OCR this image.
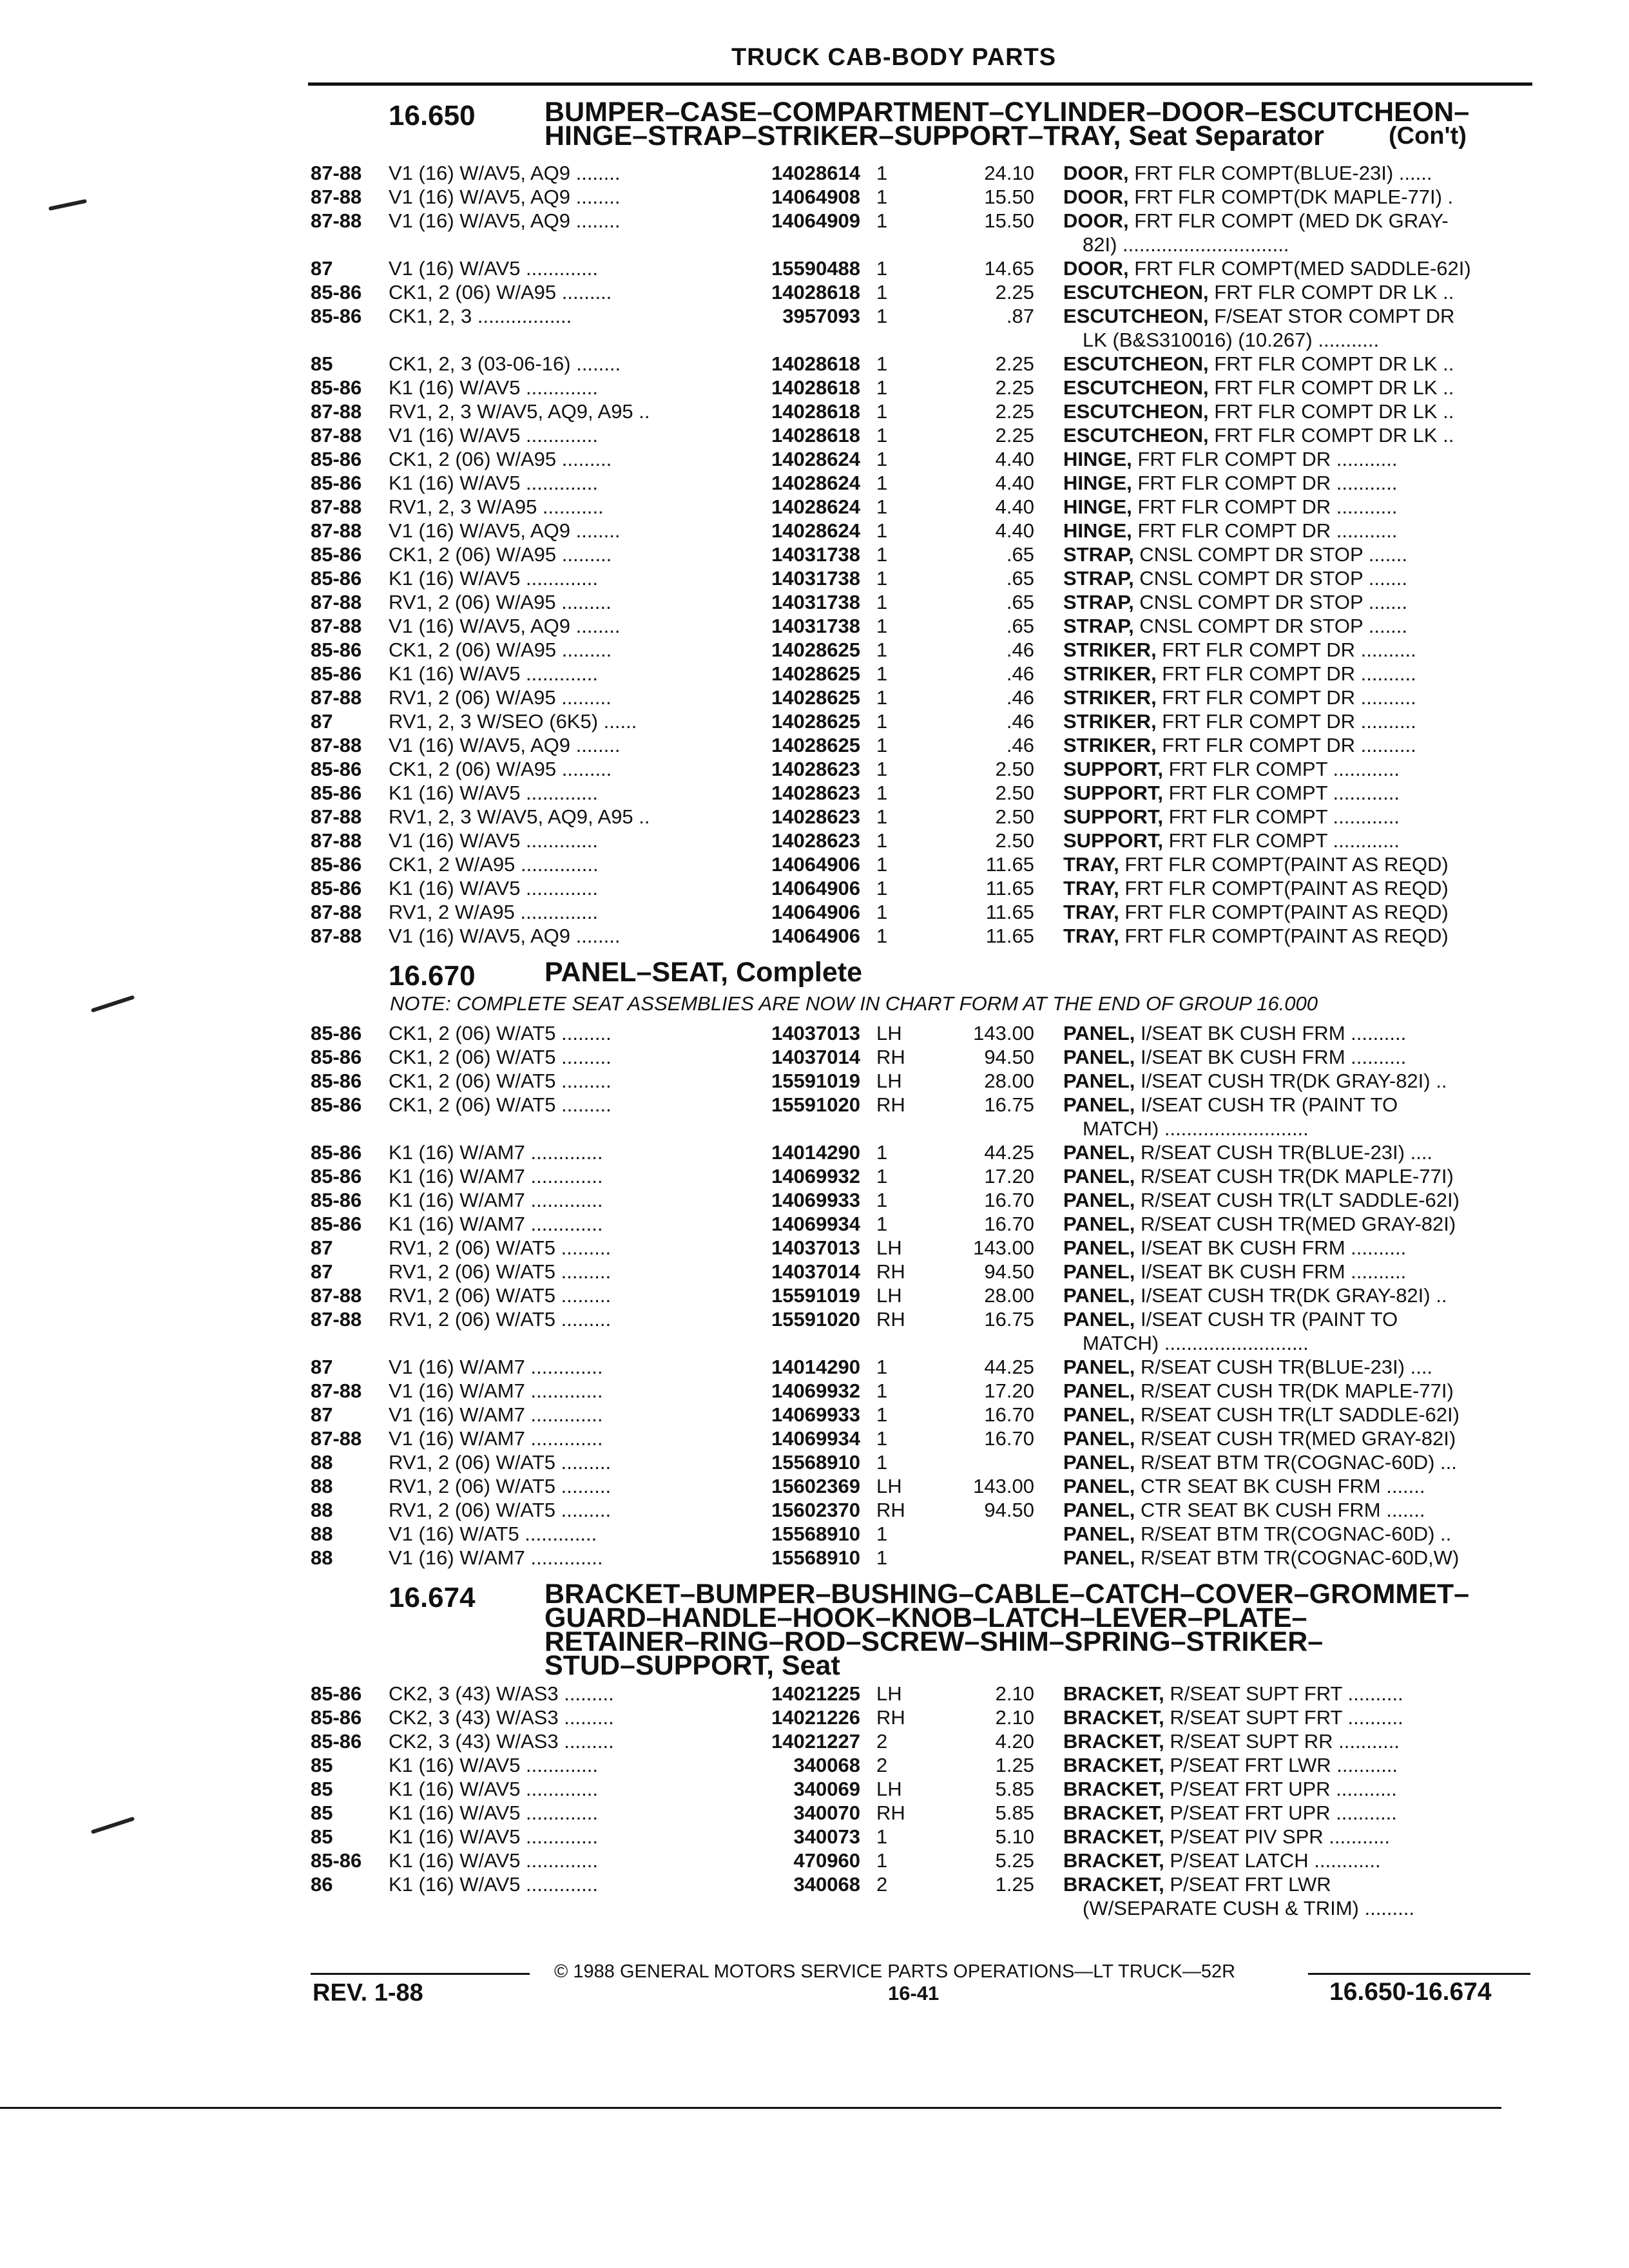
TRUCK CAB-BODY PARTS
16.650 BUMPER–CASE–COMPARTMENT–CYLINDER–DOOR–ESCUTCHEON–
HINGE–STRAP–STRIKER–SUPPORT–TRAY, Seat Separator	(Con't)
87-88 V1 (16) W/AV5, AQ9 ........	14028614 1	24.10 DOOR, FRT FLR COMPT(BLUE-23I) ......
87-88 V1 (16) W/AV5, AQ9 ........	14064908 1	15.50 DOOR, FRT FLR COMPT(DK MAPLE-77I) .
87-88 V1 (16) W/AV5, AQ9 ........	14064909 1	15.50 DOOR, FRT FLR COMPT (MED DK GRAY-
82I) ..............................
87	V1 (16) W/AV5 .............	15590488 1	14.65 DOOR, FRT FLR COMPT(MED SADDLE-62I)
85-86 CK1, 2 (06) W/A95 .........	14028618 1	2.25 ESCUTCHEON, FRT FLR COMPT DR LK ..
85-86 CK1, 2, 3 .................	3957093 1	.87 ESCUTCHEON, F/SEAT STOR COMPT DR
LK (B&S310016) (10.267) ...........
85	CK1, 2, 3 (03-06-16) ........	14028618 1	2.25 ESCUTCHEON, FRT FLR COMPT DR LK ..
85-86 K1 (16) W/AV5 .............	14028618 1	2.25 ESCUTCHEON, FRT FLR COMPT DR LK ..
87-88 RV1, 2, 3 W/AV5, AQ9, A95 ..	14028618 1	2.25 ESCUTCHEON, FRT FLR COMPT DR LK ..
87-88 V1 (16) W/AV5 .............	14028618 1	2.25 ESCUTCHEON, FRT FLR COMPT DR LK ..
85-86 CK1, 2 (06) W/A95 .........	14028624 1	4.40 HINGE, FRT FLR COMPT DR ...........
85-86 K1 (16) W/AV5 .............	14028624 1	4.40 HINGE, FRT FLR COMPT DR ...........
87-88 RV1, 2, 3 W/A95 ...........	14028624 1	4.40 HINGE, FRT FLR COMPT DR ...........
87-88 V1 (16) W/AV5, AQ9 ........	14028624 1	4.40 HINGE, FRT FLR COMPT DR ...........
85-86 CK1, 2 (06) W/A95 .........	14031738 1	.65 STRAP, CNSL COMPT DR STOP .......
85-86 K1 (16) W/AV5 .............	14031738 1	.65 STRAP, CNSL COMPT DR STOP .......
87-88 RV1, 2 (06) W/A95 .........	14031738 1	.65 STRAP, CNSL COMPT DR STOP .......
87-88 V1 (16) W/AV5, AQ9 ........	14031738 1	.65 STRAP, CNSL COMPT DR STOP .......
85-86 CK1, 2 (06) W/A95 .........	14028625 1	.46 STRIKER, FRT FLR COMPT DR ..........
85-86 K1 (16) W/AV5 .............	14028625 1	.46 STRIKER, FRT FLR COMPT DR ..........
87-88 RV1, 2 (06) W/A95 .........	14028625 1	.46 STRIKER, FRT FLR COMPT DR ..........
87	RV1, 2, 3 W/SEO (6K5) ......	14028625 1	.46 STRIKER, FRT FLR COMPT DR ..........
87-88 V1 (16) W/AV5, AQ9 ........	14028625 1	.46 STRIKER, FRT FLR COMPT DR ..........
85-86 CK1, 2 (06) W/A95 .........	14028623 1	2.50 SUPPORT, FRT FLR COMPT ............
85-86 K1 (16) W/AV5 .............	14028623 1	2.50 SUPPORT, FRT FLR COMPT ............
87-88 RV1, 2, 3 W/AV5, AQ9, A95 ..	14028623 1	2.50 SUPPORT, FRT FLR COMPT ............
87-88 V1 (16) W/AV5 .............	14028623 1	2.50 SUPPORT, FRT FLR COMPT ............
85-86 CK1, 2 W/A95 ..............	14064906 1	11.65 TRAY, FRT FLR COMPT(PAINT AS REQD)
85-86 K1 (16) W/AV5 .............	14064906 1	11.65 TRAY, FRT FLR COMPT(PAINT AS REQD)
87-88 RV1, 2 W/A95 ..............	14064906 1	11.65 TRAY, FRT FLR COMPT(PAINT AS REQD)
87-88 V1 (16) W/AV5, AQ9 ........	14064906 1	11.65 TRAY, FRT FLR COMPT(PAINT AS REQD)
16.670 PANEL–SEAT, Complete
NOTE: COMPLETE SEAT ASSEMBLIES ARE NOW IN CHART FORM AT THE END OF GROUP 16.000
85-86 CK1, 2 (06) W/AT5 .........	14037013 LH	143.00 PANEL, I/SEAT BK CUSH FRM ..........
85-86 CK1, 2 (06) W/AT5 .........	14037014 RH	94.50 PANEL, I/SEAT BK CUSH FRM ..........
85-86 CK1, 2 (06) W/AT5 .........	15591019 LH	28.00 PANEL, I/SEAT CUSH TR(DK GRAY-82I) ..
85-86 CK1, 2 (06) W/AT5 .........	15591020 RH	16.75 PANEL, I/SEAT CUSH TR (PAINT TO
MATCH) ..........................
85-86 K1 (16) W/AM7 .............	14014290 1	44.25 PANEL, R/SEAT CUSH TR(BLUE-23I) ....
85-86 K1 (16) W/AM7 .............	14069932 1	17.20 PANEL, R/SEAT CUSH TR(DK MAPLE-77I)
85-86 K1 (16) W/AM7 .............	14069933 1	16.70 PANEL, R/SEAT CUSH TR(LT SADDLE-62I)
85-86 K1 (16) W/AM7 .............	14069934 1	16.70 PANEL, R/SEAT CUSH TR(MED GRAY-82I)
87	RV1, 2 (06) W/AT5 .........	14037013 LH	143.00 PANEL, I/SEAT BK CUSH FRM ..........
87	RV1, 2 (06) W/AT5 .........	14037014 RH	94.50 PANEL, I/SEAT BK CUSH FRM ..........
87-88 RV1, 2 (06) W/AT5 .........	15591019 LH	28.00 PANEL, I/SEAT CUSH TR(DK GRAY-82I) ..
87-88 RV1, 2 (06) W/AT5 .........	15591020 RH	16.75 PANEL, I/SEAT CUSH TR (PAINT TO
MATCH) ..........................
87	V1 (16) W/AM7 .............	14014290 1	44.25 PANEL, R/SEAT CUSH TR(BLUE-23I) ....
87-88 V1 (16) W/AM7 .............	14069932 1	17.20 PANEL, R/SEAT CUSH TR(DK MAPLE-77I)
87	V1 (16) W/AM7 .............	14069933 1	16.70 PANEL, R/SEAT CUSH TR(LT SADDLE-62I)
87-88 V1 (16) W/AM7 .............	14069934 1	16.70 PANEL, R/SEAT CUSH TR(MED GRAY-82I)
88	RV1, 2 (06) W/AT5 .........	15568910 1	PANEL, R/SEAT BTM TR(COGNAC-60D) ...
88	RV1, 2 (06) W/AT5 .........	15602369 LH	143.00 PANEL, CTR SEAT BK CUSH FRM .......
88	RV1, 2 (06) W/AT5 .........	15602370 RH	94.50 PANEL, CTR SEAT BK CUSH FRM .......
88	V1 (16) W/AT5 .............	15568910 1	PANEL, R/SEAT BTM TR(COGNAC-60D) ..
88	V1 (16) W/AM7 .............	15568910 1	PANEL, R/SEAT BTM TR(COGNAC-60D,W)
16.674 BRACKET–BUMPER–BUSHING–CABLE–CATCH–COVER–GROMMET–
GUARD–HANDLE–HOOK–KNOB–LATCH–LEVER–PLATE–
RETAINER–RING–ROD–SCREW–SHIM–SPRING–STRIKER–
STUD–SUPPORT, Seat
85-86 CK2, 3 (43) W/AS3 .........	14021225 LH	2.10 BRACKET, R/SEAT SUPT FRT ..........
85-86 CK2, 3 (43) W/AS3 .........	14021226 RH	2.10 BRACKET, R/SEAT SUPT FRT ..........
85-86 CK2, 3 (43) W/AS3 .........	14021227 2	4.20 BRACKET, R/SEAT SUPT RR ...........
85	K1 (16) W/AV5 .............	340068 2	1.25 BRACKET, P/SEAT FRT LWR ...........
85	K1 (16) W/AV5 .............	340069 LH	5.85 BRACKET, P/SEAT FRT UPR ...........
85	K1 (16) W/AV5 .............	340070 RH	5.85 BRACKET, P/SEAT FRT UPR ...........
85	K1 (16) W/AV5 .............	340073 1	5.10 BRACKET, P/SEAT PIV SPR ...........
85-86 K1 (16) W/AV5 .............	470960 1	5.25 BRACKET, P/SEAT LATCH ............
86	K1 (16) W/AV5 .............	340068 2	1.25 BRACKET, P/SEAT FRT LWR
(W/SEPARATE CUSH & TRIM) .........
© 1988 GENERAL MOTORS SERVICE PARTS OPERATIONS—LT TRUCK—52R
REV. 1-88	16-41	16.650-16.674
